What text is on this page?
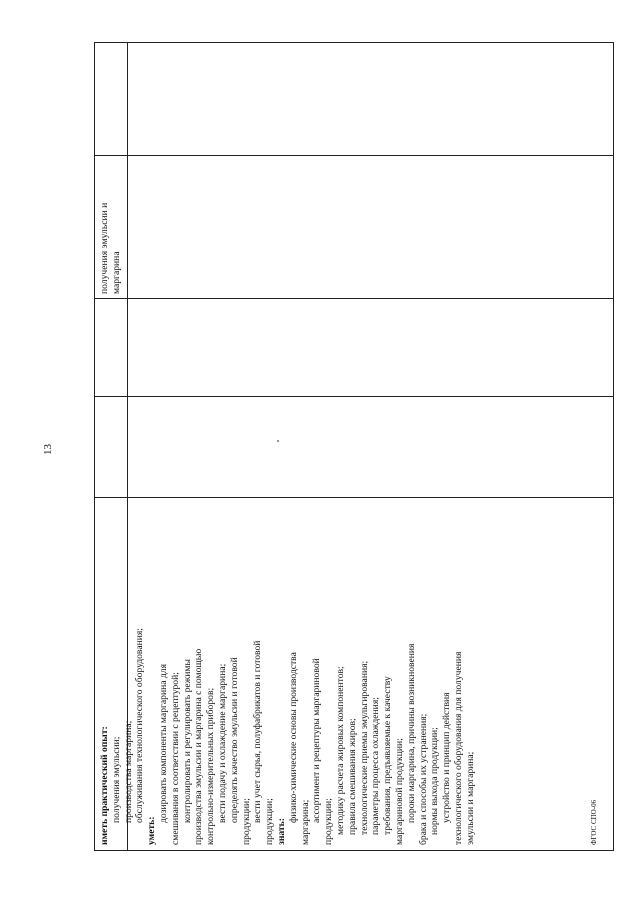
13
получения эмульсии и маргарина
иметь практический опыт: получения эмульсии; производства маргарина; обслуживания технологического оборудования;
уметь:
дозировать компоненты маргарина для смешивания в соответствии с рецептурой; контролировать и регулировать режимы производства эмульсии и маргарина с помощью контрольно-измерительных приборов; вести подачу и охлаждение маргарина; определять качество эмульсии и готовой продукции; вести учет сырья, полуфабрикатов и готовой продукции; знать:
физико-химические основы производства маргарина; ассортимент и рецептуры маргариновой продукции; методику расчета жировых компонентов; правила смешивания жиров; технологические приемы эмульгирования; параметры процесса охлаждения; требования, предъявляемые к качеству маргариновой продукции; пороки маргарина, причины возникновения брака и способы их устранения; нормы выхода продукции; устройство и принцип действия технологического оборудования для получения эмульсии и маргарина;	ФГОС СПО-06
